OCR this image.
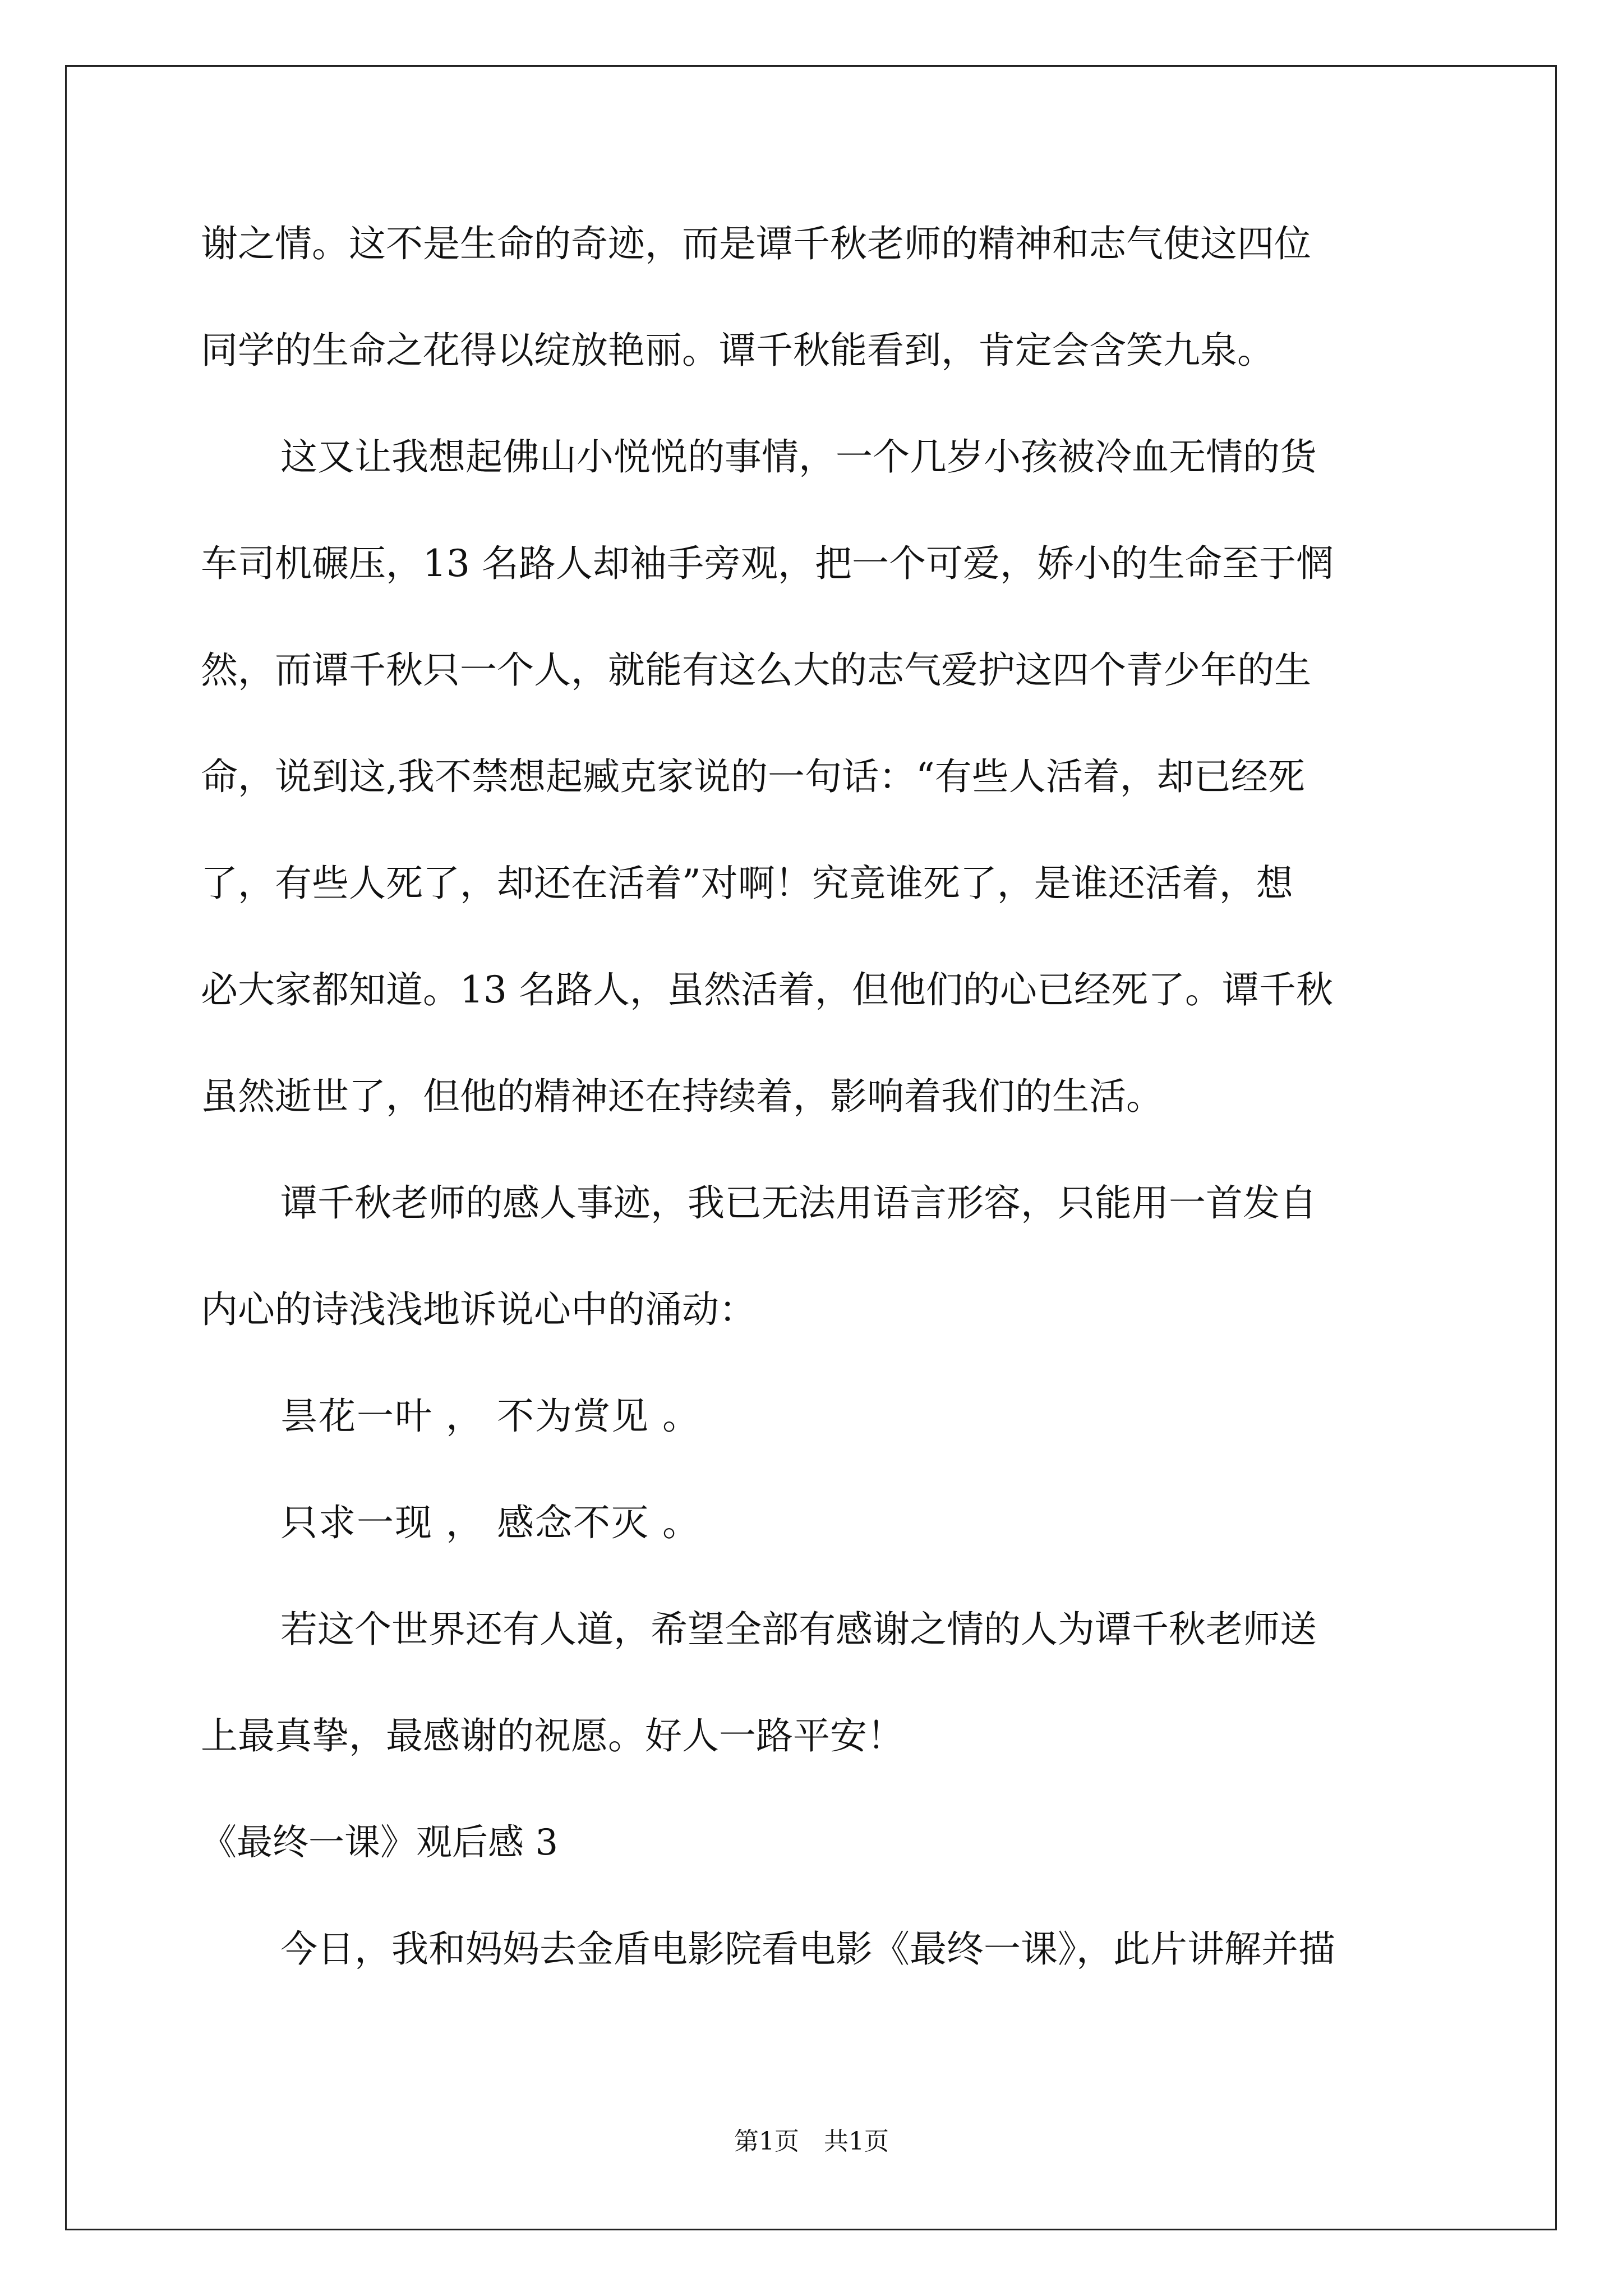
谢之情。这不是生命的奇迹，而是谭千秋老师的精神和志气使这四位
同学的生命之花得以绽放艳丽。谭千秋能看到，肯定会含笑九泉。
这又让我想起佛山小悦悦的事情，一个几岁小孩被冷血无情的货
车司机碾压，13 名路人却袖手旁观，把一个可爱，娇小的生命至于惘
然，而谭千秋只一个人，就能有这么大的志气爱护这四个青少年的生
命，说到这,我不禁想起臧克家说的一句话：“有些人活着，却已经死
了，有些人死了，却还在活着”对啊！究竟谁死了，是谁还活着，想
必大家都知道。13 名路人，虽然活着，但他们的心已经死了。谭千秋
虽然逝世了，但他的精神还在持续着，影响着我们的生活。
谭千秋老师的感人事迹，我已无法用语言形容，只能用一首发自
内心的诗浅浅地诉说心中的涌动：
昙花一叶 ， 不为赏见 。
只求一现 ， 感念不灭 。
若这个世界还有人道，希望全部有感谢之情的人为谭千秋老师送
上最真挚，最感谢的祝愿。好人一路平安！
《最终一课》观后感 3
今日，我和妈妈去金盾电影院看电影《最终一课》，此片讲解并描
第1页　共1页
